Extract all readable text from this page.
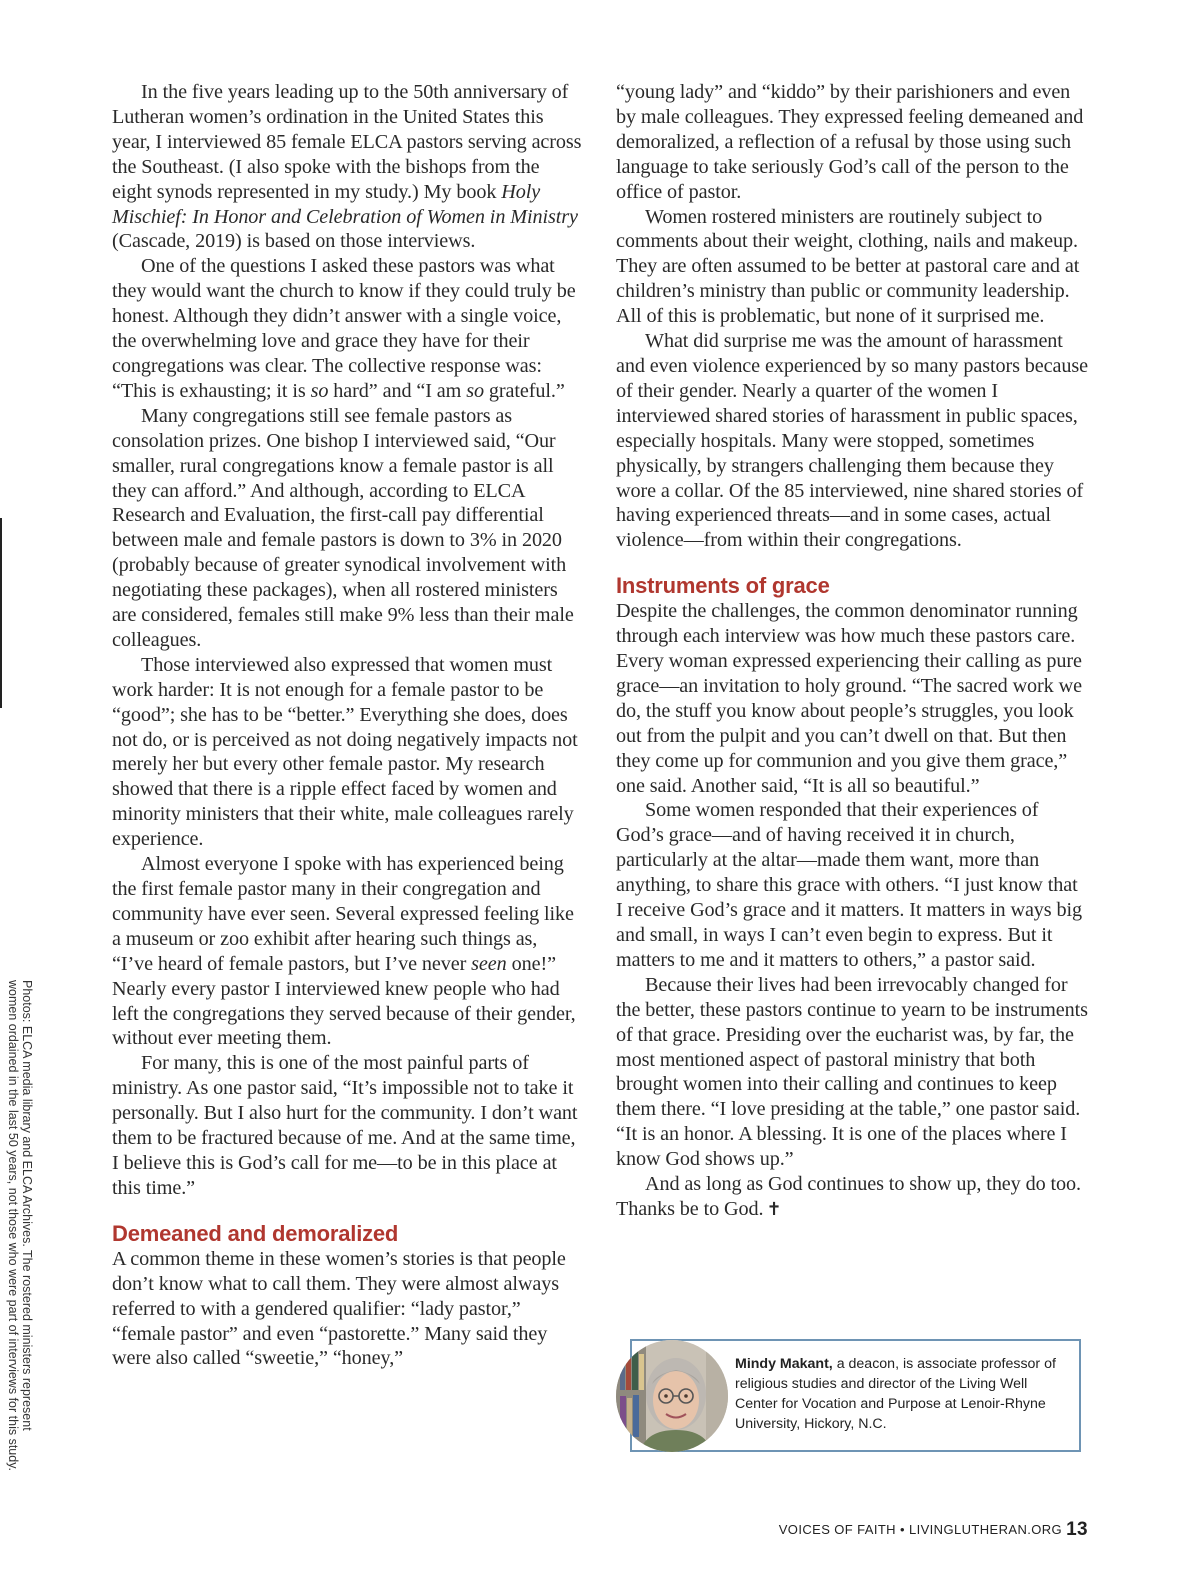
Photos: ELCA media library and ELCA Archives. The rostered ministers represent
women ordained in the last 50 years, not those who were part of interviews for this study.

In the five years leading up to the 50th anniversary of Lutheran women’s ordination in the United States this year, I interviewed 85 female ELCA pastors serving across the Southeast. (I also spoke with the bishops from the eight synods represented in my study.) My book Holy Mischief: In Honor and Celebration of Women in Ministry (Cascade, 2019) is based on those interviews.

One of the questions I asked these pastors was what they would want the church to know if they could truly be honest. Although they didn’t answer with a single voice, the overwhelming love and grace they have for their congregations was clear. The collective response was: “This is exhausting; it is so hard” and “I am so grateful.”

Many congregations still see female pastors as consolation prizes. One bishop I interviewed said, “Our smaller, rural congregations know a female pastor is all they can afford.” And although, according to ELCA Research and Evaluation, the first-call pay differential between male and female pastors is down to 3% in 2020 (probably because of greater synodical involvement with negotiating these packages), when all rostered ministers are considered, females still make 9% less than their male colleagues.

Those interviewed also expressed that women must work harder: It is not enough for a female pastor to be “good”; she has to be “better.” Everything she does, does not do, or is perceived as not doing negatively impacts not merely her but every other female pastor. My research showed that there is a ripple effect faced by women and minority ministers that their white, male colleagues rarely experience.

Almost everyone I spoke with has experienced being the first female pastor many in their congregation and community have ever seen. Several expressed feeling like a museum or zoo exhibit after hearing such things as, “I’ve heard of female pastors, but I’ve never seen one!” Nearly every pastor I interviewed knew people who had left the congregations they served because of their gender, without ever meeting them.

For many, this is one of the most painful parts of ministry. As one pastor said, “It’s impossible not to take it personally. But I also hurt for the community. I don’t want them to be fractured because of me. And at the same time, I believe this is God’s call for me—to be in this place at this time.”

Demeaned and demoralized

A common theme in these women’s stories is that people don’t know what to call them. They were almost always referred to with a gendered qualifier: “lady pastor,” “female pastor” and even “pastorette.” Many said they were also called “sweetie,” “honey,”

“young lady” and “kiddo” by their parishioners and even by male colleagues. They expressed feeling demeaned and demoralized, a reflection of a refusal by those using such language to take seriously God’s call of the person to the office of pastor.

Women rostered ministers are routinely subject to comments about their weight, clothing, nails and makeup. They are often assumed to be better at pastoral care and at children’s ministry than public or community leadership. All of this is problematic, but none of it surprised me.

What did surprise me was the amount of harassment and even violence experienced by so many pastors because of their gender. Nearly a quarter of the women I interviewed shared stories of harassment in public spaces, especially hospitals. Many were stopped, sometimes physically, by strangers challenging them because they wore a collar. Of the 85 interviewed, nine shared stories of having experienced threats—and in some cases, actual violence—from within their congregations.

Instruments of grace

Despite the challenges, the common denominator running through each interview was how much these pastors care. Every woman expressed experiencing their calling as pure grace—an invitation to holy ground. “The sacred work we do, the stuff you know about people’s struggles, you look out from the pulpit and you can’t dwell on that. But then they come up for communion and you give them grace,” one said. Another said, “It is all so beautiful.”

Some women responded that their experiences of God’s grace—and of having received it in church, particularly at the altar—made them want, more than anything, to share this grace with others. “I just know that I receive God’s grace and it matters. It matters in ways big and small, in ways I can’t even begin to express. But it matters to me and it matters to others,” a pastor said.

Because their lives had been irrevocably changed for the better, these pastors continue to yearn to be instruments of that grace. Presiding over the eucharist was, by far, the most mentioned aspect of pastoral ministry that both brought women into their calling and continues to keep them there. “I love presiding at the table,” one pastor said. “It is an honor. A blessing. It is one of the places where I know God shows up.”

And as long as God continues to show up, they do too. Thanks be to God. ✝

Mindy Makant, a deacon, is associate professor of religious studies and director of the Living Well Center for Vocation and Purpose at Lenoir-Rhyne University, Hickory, N.C.
VOICES OF FAITH • LIVINGLUTHERAN.ORG 13
